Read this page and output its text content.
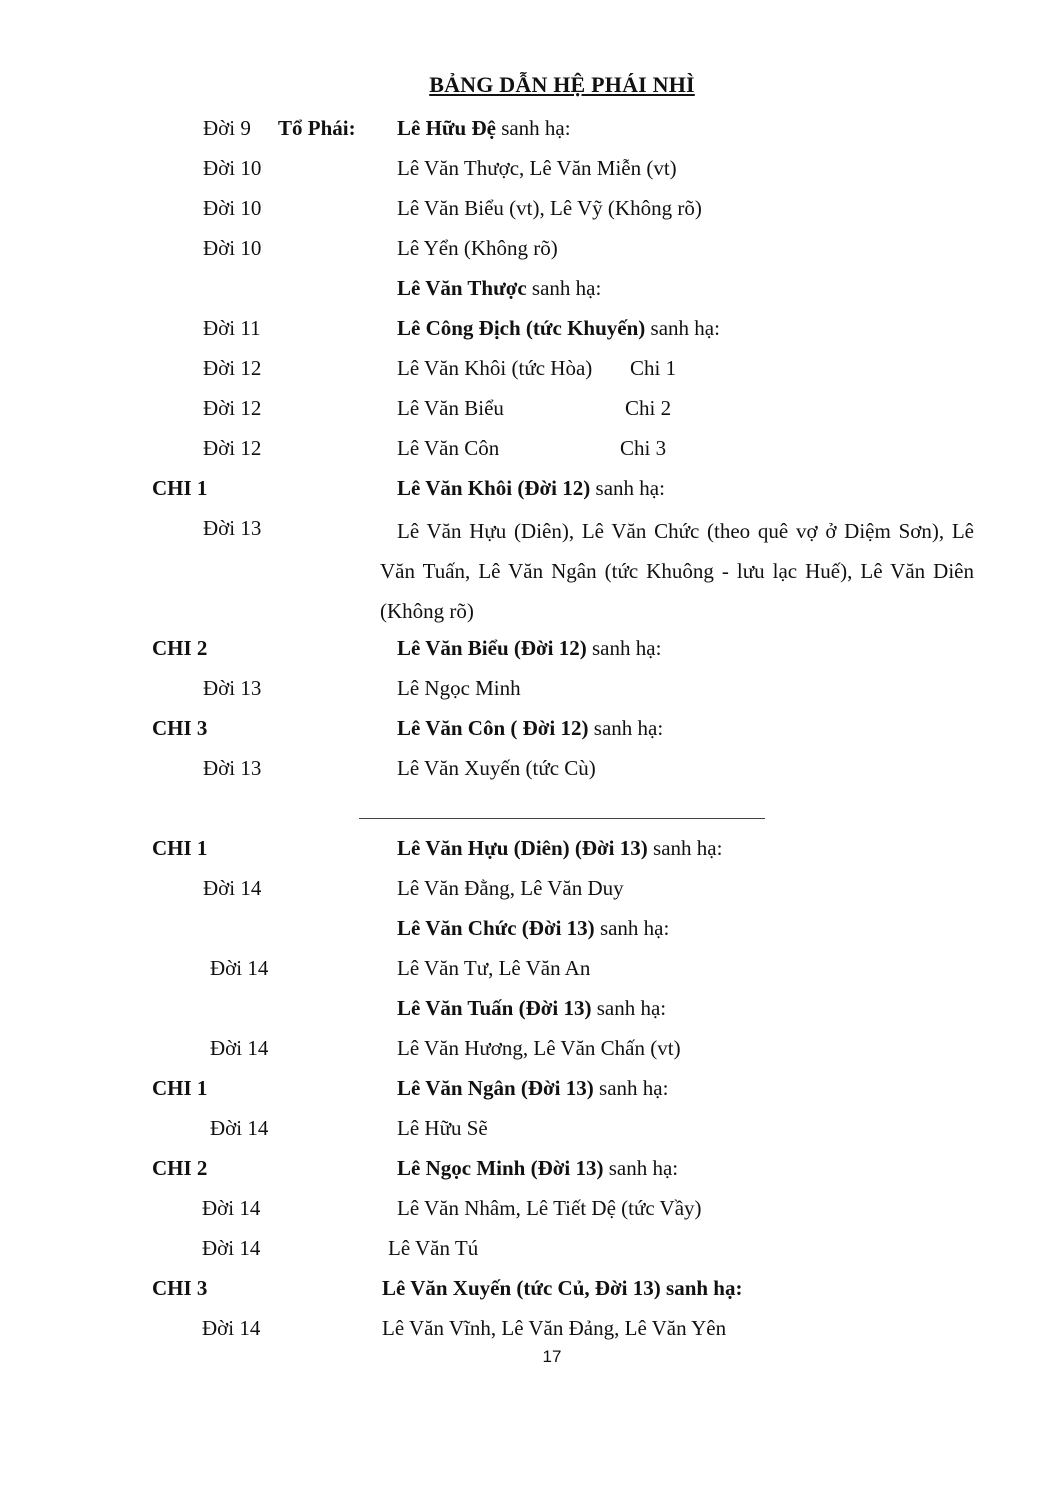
BẢNG DẪN HỆ PHÁI NHÌ
Đời 9 Tổ Phái: Lê Hữu Đệ sanh hạ:
Đời 10	Lê Văn Thược, Lê Văn Miễn (vt)
Đời 10	Lê Văn Biểu (vt), Lê Vỹ (Không rõ)
Đời 10	Lê Yển (Không rõ)
Lê Văn Thược sanh hạ:
Đời 11	Lê Công Địch (tức Khuyến) sanh hạ:
Đời 12	Lê Văn Khôi (tức Hòa) Chi 1
Đời 12	Lê Văn Biểu	Chi 2
Đời 12	Lê Văn Côn	Chi 3
CHI 1	Lê Văn Khôi (Đời 12) sanh hạ:
Đời 13	Lê Văn Hựu (Diên), Lê Văn Chức (theo quê vợ ở Diệm Sơn), Lê Văn Tuấn, Lê Văn Ngân (tức Khuông - lưu lạc Huế), Lê Văn Diên (Không rõ)
CHI 2	Lê Văn Biểu (Đời 12) sanh hạ:
Đời 13	Lê Ngọc Minh
CHI 3	Lê Văn Côn ( Đời 12) sanh hạ:
Đời 13	Lê Văn Xuyến (tức Cù)
CHI 1	Lê Văn Hựu (Diên) (Đời 13) sanh hạ:
Đời 14	Lê Văn Đằng, Lê Văn Duy
Lê Văn Chức (Đời 13) sanh hạ:
Đời 14	Lê Văn Tư, Lê Văn An
Lê Văn Tuấn (Đời 13) sanh hạ:
Đời 14	Lê Văn Hương, Lê Văn Chấn (vt)
CHI 1	Lê Văn Ngân (Đời 13) sanh hạ:
Đời 14	Lê Hữu Sẽ
CHI 2	Lê Ngọc Minh (Đời 13) sanh hạ:
Đời 14	Lê Văn Nhâm, Lê Tiết Dệ (tức Vầy)
Đời 14	Lê Văn Tú
CHI 3	Lê Văn Xuyến (tức Củ, Đời 13) sanh hạ:
Đời 14	Lê Văn Vĩnh, Lê Văn Đảng, Lê Văn Yên
17
